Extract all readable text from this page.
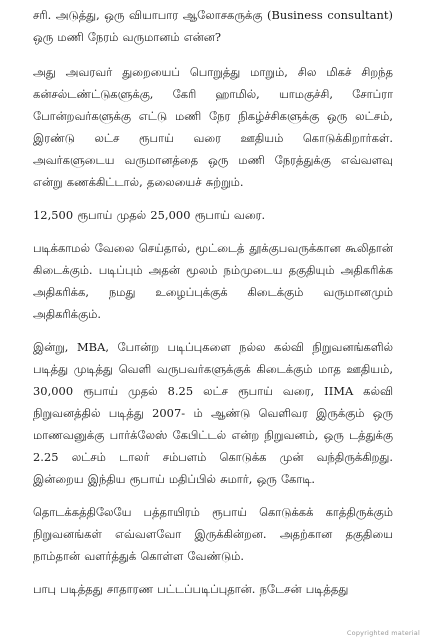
சரி. அடுத்து, ஒரு வியாபார ஆலோசகருக்கு (Business consultant) ஒரு மணி நேரம் வருமானம் என்ன?

அது அவரவர் துறையைப் பொறுத்து மாறும், சில மிகச் சிறந்த கன்சல்டண்ட்டுகளுக்கு, கேரி ஹாமில், யாமகுச்சி, சோப்ரா போன்றவர்களுக்கு எட்டு மணி நேர நிகழ்ச்சிகளுக்கு ஒரு லட்சம், இரண்டு லட்ச ரூபாய் வரை ஊதியம் கொடுக்கிறார்கள். அவர்களுடைய வருமானத்தை ஒரு மணி நேரத்துக்கு எவ்வளவு என்று கணக்கிட்டால், தலையைச் சுற்றும்.

12,500 ரூபாய் முதல் 25,000 ரூபாய் வரை.

படிக்காமல் வேலை செய்தால், மூட்டைத் தூக்குபவருக்கான கூலிதான் கிடைக்கும். படிப்பும் அதன் மூலம் நம்முடைய தகுதியும் அதிகரிக்க அதிகரிக்க, நமது உழைப்புக்குக் கிடைக்கும் வருமானமும் அதிகரிக்கும்.

இன்று, MBA, போன்ற படிப்புகளை நல்ல கல்வி நிறுவனங்களில் படித்து முடித்து வெளி வருபவர்களுக்குக் கிடைக்கும் மாத ஊதியம், 30,000 ரூபாய் முதல் 8.25 லட்ச ரூபாய் வரை, IIMA கல்வி நிறுவனத்தில் படித்து 2007- ம் ஆண்டு வெளிவர இருக்கும் ஒரு மாணவனுக்கு பார்க்லேஸ் கேபிட்டல் என்ற நிறுவனம், ஒரு டத்துக்கு 2.25 லட்சம் டாலர் சம்பளம் கொடுக்க முன் வந்திருக்கிறது. இன்றைய இந்திய ரூபாய் மதிப்பில் சுமார், ஒரு கோடி.

தொடக்கத்திலேயே பத்தாயிரம் ரூபாய் கொடுக்கக் காத்திருக்கும் நிறுவனங்கள் எவ்வளவோ இருக்கின்றன. அதற்கான தகுதியை நாம்தான் வளர்த்துக் கொள்ள வேண்டும்.

பாபு படித்தது சாதாரண பட்டப்படிப்புதான். நடேசன் படித்தது

Copyrighted material
